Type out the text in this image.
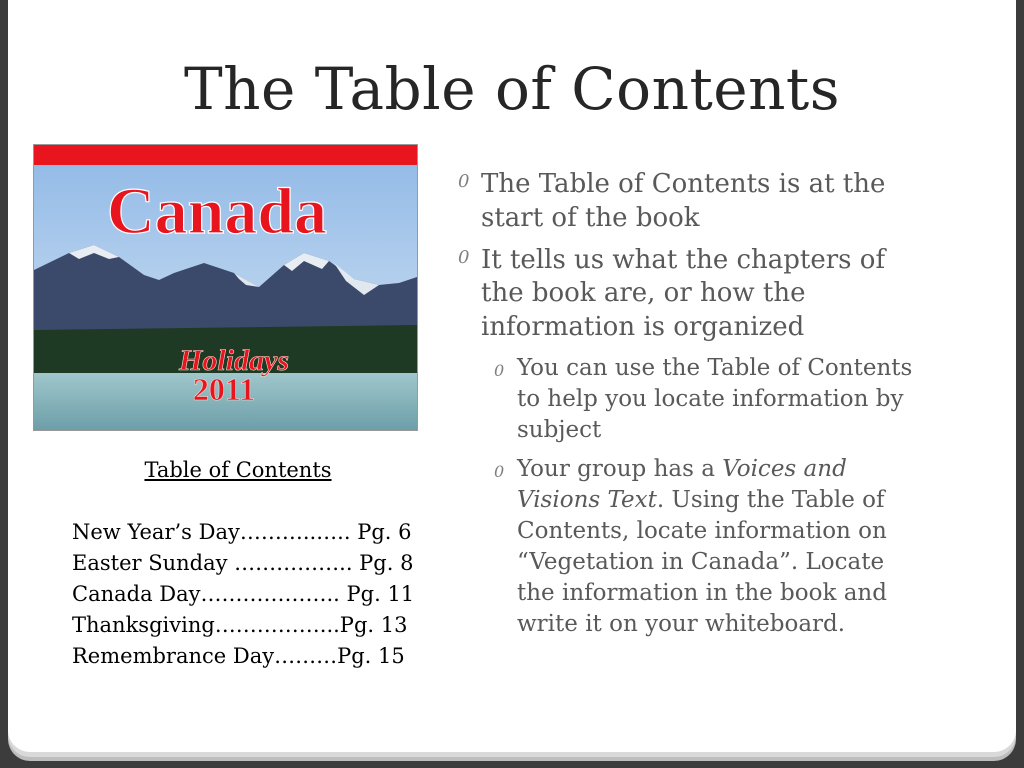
The Table of Contents
Canada
Holidays
2011
Table of Contents
New Year’s Day………..….. Pg. 6
Easter Sunday …………….. Pg. 8
Canada Day……………….. Pg. 11
Thanksgiving……………...Pg. 13
Remembrance Day………Pg. 15
0 The Table of Contents is at the start of the book
0 It tells us what the chapters of the book are, or how the information is organized
0 You can use the Table of Contents to help you locate information by subject
0 Your group has a Voices and Visions Text. Using the Table of Contents, locate information on “Vegetation in Canada”. Locate the information in the book and write it on your whiteboard.
